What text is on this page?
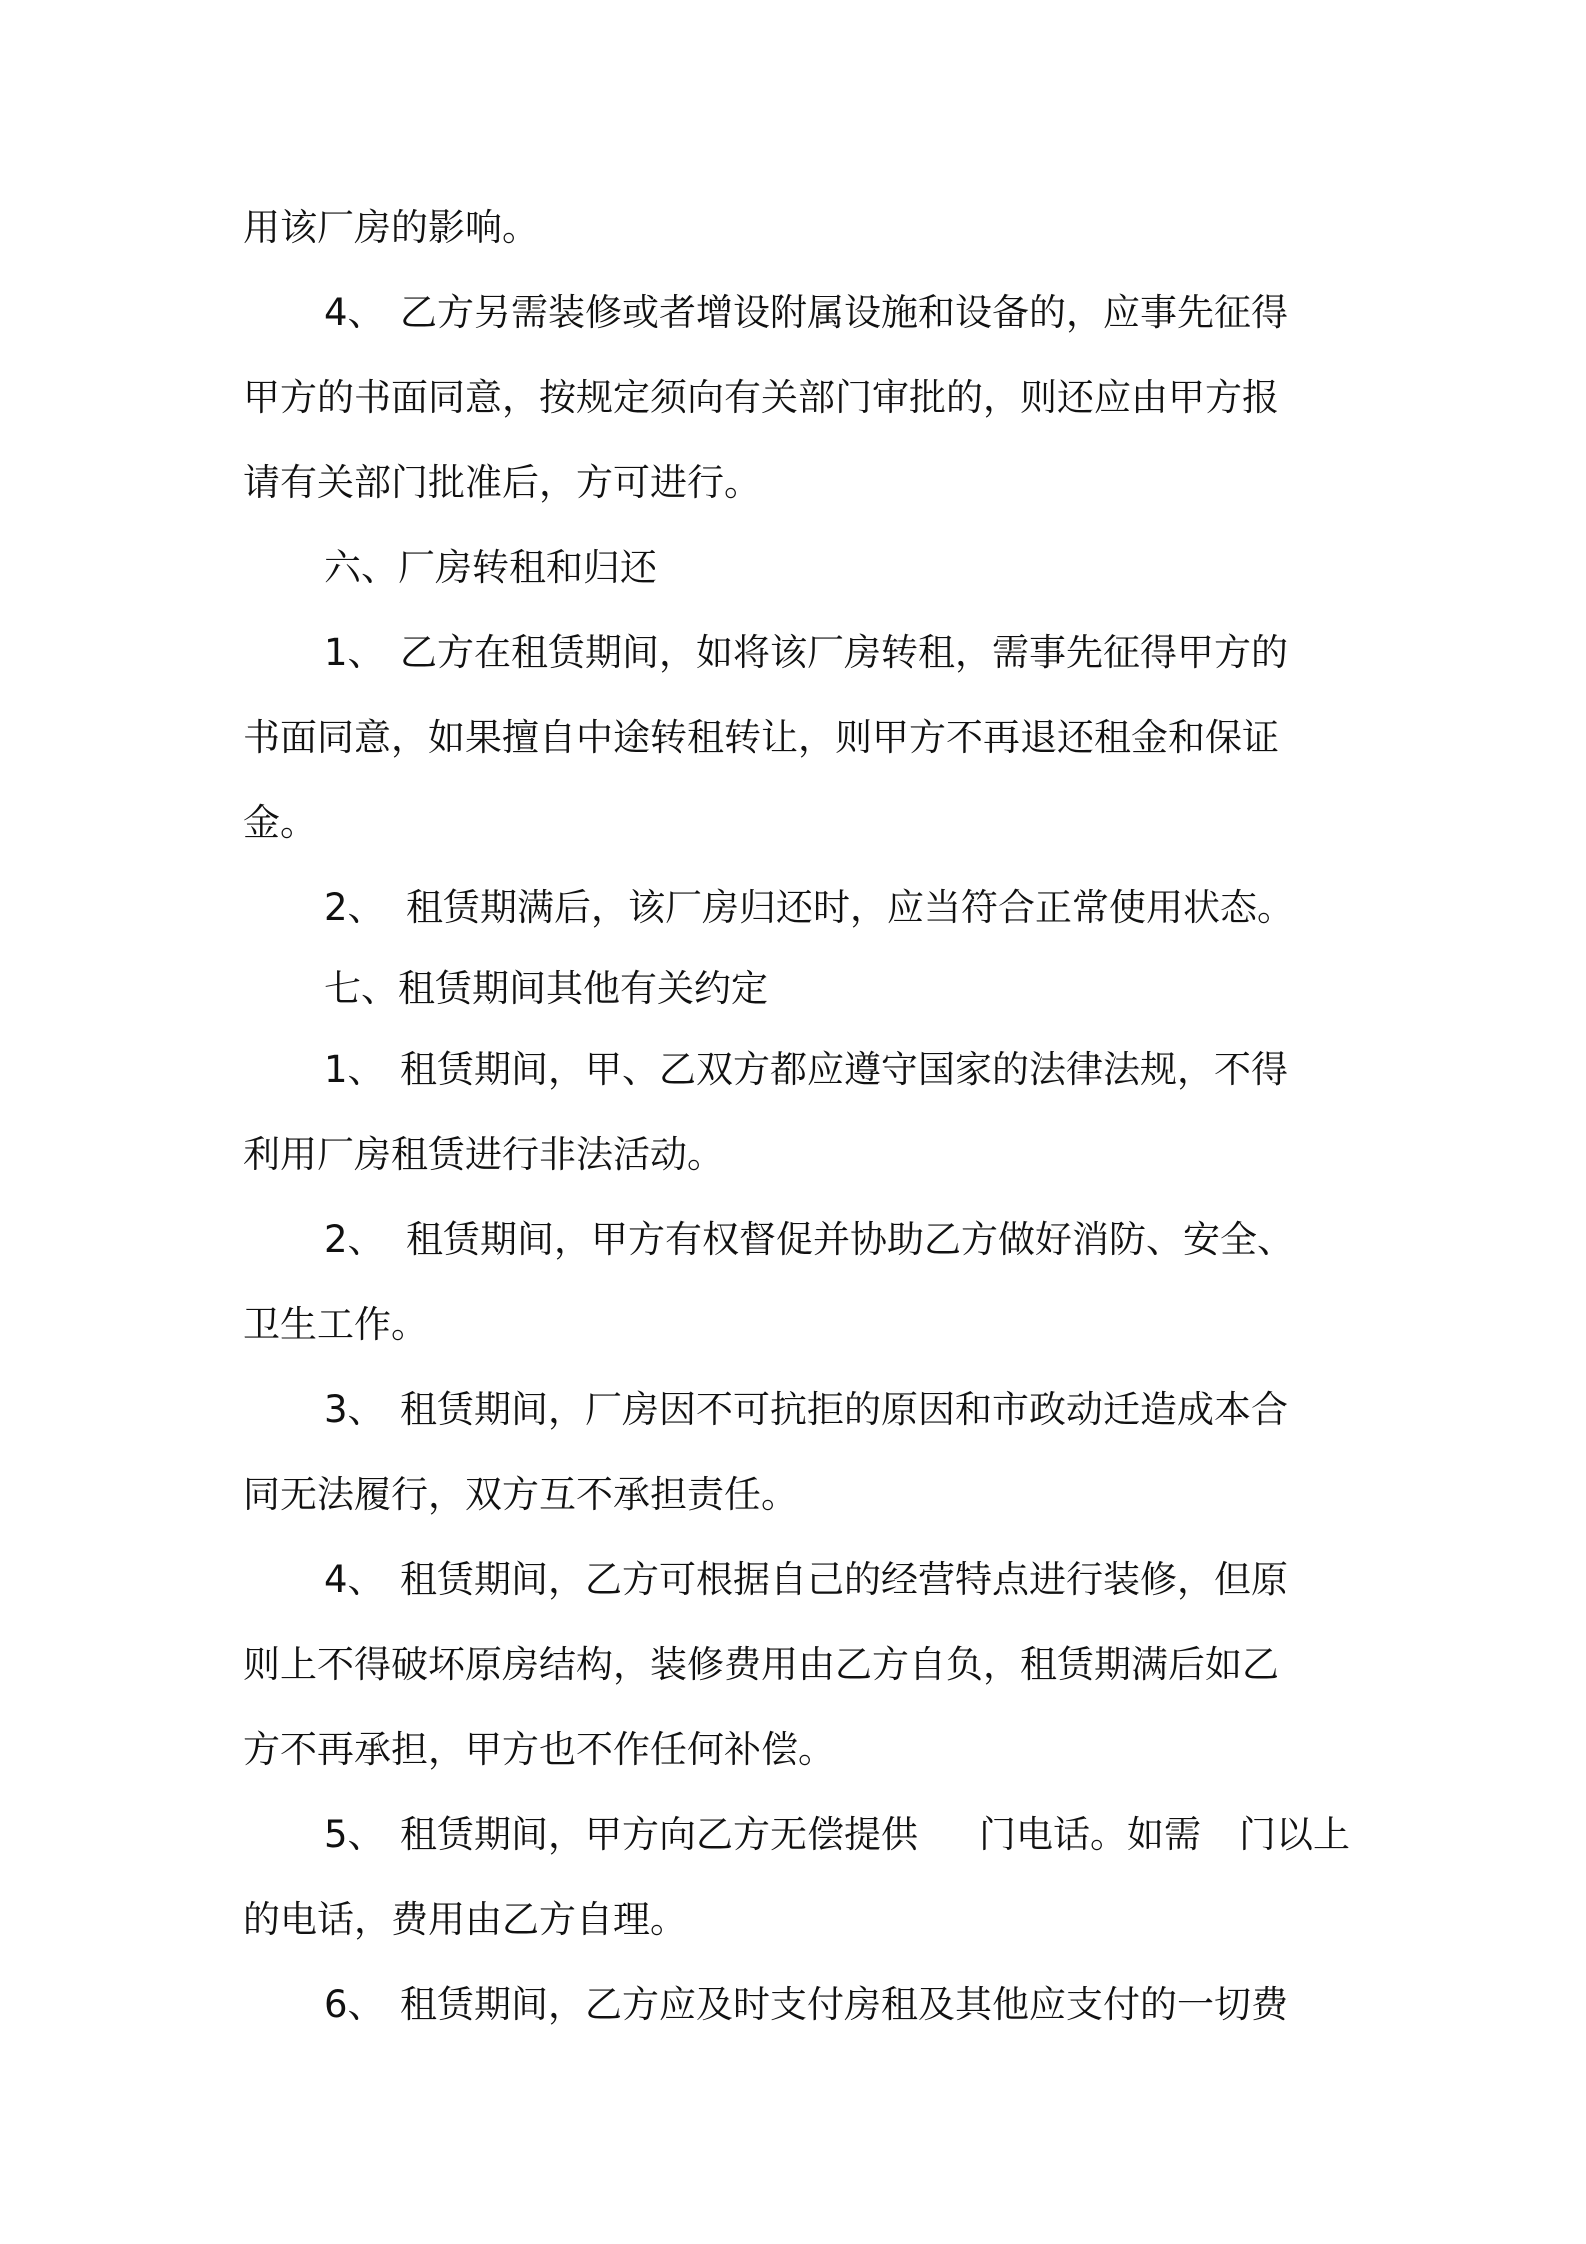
用该厂房的影响。
4、 乙方另需装修或者增设附属设施和设备的，应事先征得
甲方的书面同意，按规定须向有关部门审批的，则还应由甲方报
请有关部门批准后，方可进行。
六、厂房转租和归还
1、 乙方在租赁期间，如将该厂房转租，需事先征得甲方的
书面同意，如果擅自中途转租转让，则甲方不再退还租金和保证
金。
2、 租赁期满后，该厂房归还时，应当符合正常使用状态。
七、租赁期间其他有关约定
1、 租赁期间，甲、乙双方都应遵守国家的法律法规，不得
利用厂房租赁进行非法活动。
2、 租赁期间，甲方有权督促并协助乙方做好消防、安全、
卫生工作。
3、 租赁期间，厂房因不可抗拒的原因和市政动迁造成本合
同无法履行，双方互不承担责任。
4、 租赁期间，乙方可根据自己的经营特点进行装修，但原
则上不得破坏原房结构，装修费用由乙方自负，租赁期满后如乙
方不再承担，甲方也不作任何补偿。
5、 租赁期间，甲方向乙方无偿提供 门电话。如需 门以上
的电话，费用由乙方自理。
6、 租赁期间，乙方应及时支付房租及其他应支付的一切费
